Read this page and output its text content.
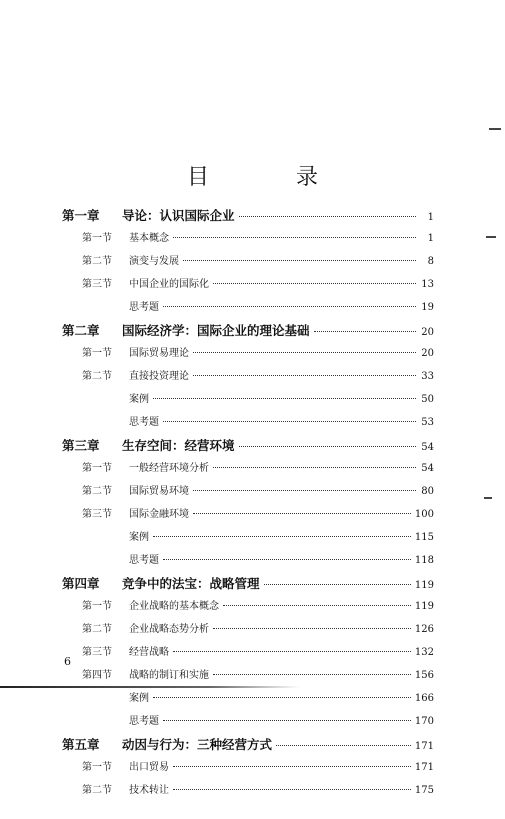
目 录
第一章	导论：认识国际企业	1
第一节	基本概念	1
第二节	演变与发展	8
第三节	中国企业的国际化	13
思考题	19
第二章	国际经济学：国际企业的理论基础	20
第一节	国际贸易理论	20
第二节	直接投资理论	33
案例	50
思考题	53
第三章	生存空间：经营环境	54
第一节	一般经营环境分析	54
第二节	国际贸易环境	80
第三节	国际金融环境	100
案例	115
思考题	118
第四章	竞争中的法宝：战略管理	119
第一节	企业战略的基本概念	119
第二节	企业战略态势分析	126
第三节	经营战略	132
第四节	战略的制订和实施	156
案例	166
思考题	170
第五章	动因与行为：三种经营方式	171
第一节	出口贸易	171
第二节	技术转让	175
6
